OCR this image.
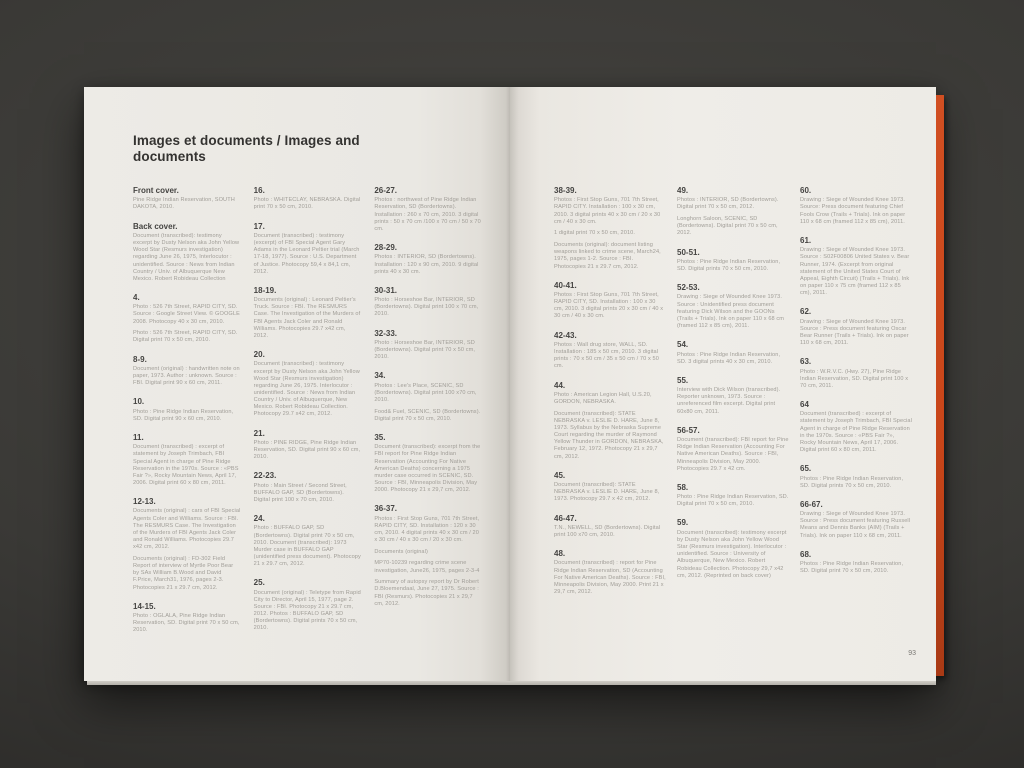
Images et documents / Images and documents
Front cover.

Pine Ridge Indian Reservation, SOUTH DAKOTA, 2010.

Back cover.

Document (transcribed): testimony excerpt by Dusty Nelson aka John Yellow Wood Star (Resmurs investigation) regarding June 26, 1975, Interlocutor : unidentified. Source : News from Indian Country / Univ. of Albuquerque New Mexico. Robert Robideau Collection

4.

Photo : 526 7th Street, RAPID CITY, SD. Source : Google Street View. © GOOGLE 2008. Photocopy 40 x 30 cm, 2010.

Photo : 526 7th Street, RAPID CITY, SD. Digital print 70 x 50 cm, 2010.

8-9.

Document (original) : handwritten note on paper, 1973. Author : unknown. Source : FBI. Digital print 90 x 60 cm, 2011.

10.

Photo : Pine Ridge Indian Reservation, SD. Digital print 90 x 60 cm, 2010.

11.

Document (transcribed) : excerpt of statement by Joseph Trimbach, FBI Special Agent in charge of Pine Ridge Reservation in the 1970s. Source : «PBS Fair ?», Rocky Mountain News, April 17, 2006. Digital print 60 x 80 cm, 2011.

12-13.

Documents (original) : cars of FBI Special Agents Coler and Williams. Source : FBI. The RESMURS Case. The Investigation of the Murders of FBI Agents Jack Coler and Ronald Williams. Photocopies 29.7 x42 cm, 2012.

Documents (original) : FD-302 Field Report of interview of Myrtle Poor Bear by SAs William B.Wood and David F.Price, March31, 1976, pages 2-3. Photocopies 21 x 29.7 cm, 2012.

14-15.

Photo : OGLALA, Pine Ridge Indian Reservation, SD. Digital print 70 x 50 cm, 2010.

16.

Photo : WHITECLAY, NEBRASKA. Digital print 70 x 50 cm, 2010.

17.

Document (transcribed) : testimony (excerpt) of FBI Special Agent Gary Adams in the Leonard Peltier trial (March 17-18, 1977). Source : U.S. Department of Justice. Photocopy 59,4 x 84,1 cm, 2012.

18-19.

Documents (original) : Leonard Peltier's Truck. Source : FBI. The RESMURS Case. The Investigation of the Murders of FBI Agents Jack Coler and Ronald Williams. Photocopies 29.7 x42 cm, 2012.

20.

Document (transcribed) : testimony excerpt by Dusty Nelson aka John Yellow Wood Star (Resmurs investigation) regarding June 26, 1975. Interlocutor : unidentified. Source : News from Indian Country / Univ. of Albuquerque, New Mexico. Robert Robideau Collection. Photocopy 29.7 x42 cm, 2012.

21.

Photo : PINE RIDGE, Pine Ridge Indian Reservation, SD. Digital print 90 x 60 cm, 2010.

22-23.

Photo : Main Street / Second Street, BUFFALO GAP, SD (Bordertowns). Digital print 100 x 70 cm, 2010.

24.

Photo : BUFFALO GAP, SD (Bordertowns). Digital print 70 x 50 cm, 2010. Document (transcribed): 1973 Murder case in BUFFALO GAP (unidentified press document). Photocopy 21 x 29.7 cm, 2012.

25.

Document (original) : Teletype from Rapid City to Director, April 15, 1977, page 2. Source : FBI. Photocopy 21 x 29.7 cm, 2012. Photos : BUFFALO GAP, SD (Bordertowns). Digital prints 70 x 50 cm, 2010.

26-27.

Photos : northwest of Pine Ridge Indian Reservation, SD (Bordertowns). Installation : 260 x 70 cm, 2010. 3 digital prints : 50 x 70 cm /100 x 70 cm / 50 x 70 cm.

28-29.

Photos : INTERIOR, SD (Bordertowns). Installation : 120 x 90 cm, 2010. 9 digital prints 40 x 30 cm.

30-31.

Photo : Horseshoe Bar, INTERIOR, SD (Bordertowns). Digital print 100 x 70 cm, 2010.

32-33.

Photo : Horseshoe Bar, INTERIOR, SD (Bordertowns). Digital print 70 x 50 cm, 2010.

34.

Photos : Lee's Place, SCENIC, SD (Bordertowns). Digital print 100 x70 cm, 2010.

Food& Fuel, SCENIC, SD (Bordertowns). Digital print 70 x 50 cm, 2010.

35.

Document (transcribed): excerpt from the FBI report for Pine Ridge Indian Reservation (Accounting For Native American Deaths) concerning a 1975 murder case occurred in SCENIC, SD. Source : FBI, Minneapolis Division, May 2000. Photocopy 21 x 29,7 cm, 2012.

36-37.

Photos : First Stop Guns, 701 7th Street, RAPID CITY, SD. Installation : 120 x 30 cm, 2010. 4 digital prints 40 x 30 cm / 20 x 30 cm / 40 x 30 cm / 20 x 30 cm.

Documents (original)

MP70-10239 regarding crime scene investigation, June26, 1975, pages 2-3-4

Summary of autopsy report by Dr Robert D.Bloemendaal, June 27, 1975. Source : FBI (Resmurs). Photocopies 21 x 29,7 cm, 2012.

38-39.

Photos : First Stop Guns, 701 7th Street, RAPID CITY. Installation : 100 x 30 cm, 2010. 3 digital prints 40 x 30 cm / 20 x 30 cm / 40 x 30 cm.

1 digital print 70 x 50 cm, 2010.

Documents (original): document listing weapons linked to crime scene, March24, 1975, pages 1-2. Source : FBI. Photocopies 21 x 29.7 cm, 2012.

40-41.

Photos : First Stop Guns, 701 7th Street, RAPID CITY, SD. Installation : 100 x 30 cm, 2010. 3 digital prints 20 x 30 cm / 40 x 30 cm / 40 x 30 cm.

42-43.

Photos : Wall drug store, WALL, SD. Installation : 185 x 50 cm, 2010. 3 digital prints : 70 x 50 cm / 35 x 50 cm / 70 x 50 cm.

44.

Photo : American Legion Hall, U.S.20, GORDON, NEBRASKA.

Document (transcribed): STATE NEBRASKA v. LESLIE D. HARE, June 8, 1973. Syllabus by the Nebraska Supreme Court regarding the murder of Raymond Yellow Thunder in GORDON, NEBRASKA, February 12, 1972. Photocopy 21 x 29,7 cm, 2012.

45.

Document (transcribed): STATE NEBRASKA v. LESLIE D. HARE, June 8, 1973. Photocopy 29.7 x 42 cm, 2012.

46-47.

T.N., NEWELL, SD (Bordertowns). Digital print 100 x70 cm, 2010.

48.

Document (transcribed) : report for Pine Ridge Indian Reservation, SD (Accounting For Native American Deaths). Source : FBI, Minneapolis Division, May 2000. Print 21 x 29,7 cm, 2012.

49.

Photos : INTERIOR, SD (Bordertowns). Digital print 70 x 50 cm, 2012.

Longhorn Saloon, SCENIC, SD (Bordertowns). Digital print 70 x 50 cm, 2012.

50-51.

Photos : Pine Ridge Indian Reservation, SD. Digital prints 70 x 50 cm, 2010.

52-53.

Drawing : Siege of Wounded Knee 1973. Source : Unidentified press document featuring Dick Wilson and the GOONs (Trails + Trials). Ink on paper 110 x 68 cm (framed 112 x 85 cm), 2011.

54.

Photos : Pine Ridge Indian Reservation, SD. 3 digital prints 40 x 30 cm, 2010.

55.

Interview with Dick Wilson (transcribed). Reporter unknown, 1973. Source : unreferenced film excerpt. Digital print 60x80 cm, 2011.

56-57.

Document (transcribed): FBI report for Pine Ridge Indian Reservation (Accounting For Native American Deaths). Source : FBI, Minneapolis Division, May 2000. Photocopies 29.7 x 42 cm.

58.

Photo : Pine Ridge Indian Reservation, SD. Digital print 70 x 50 cm, 2010.

59.

Document (transcribed): testimony excerpt by Dusty Nelson aka John Yellow Wood Star (Resmurs investigation). Interlocutor : unidentified. Source : University of Albuquerque, New Mexico. Robert Robideau Collection. Photocopy 29,7 x42 cm, 2012. (Reprinted on back cover)

60.

Drawing : Siege of Wounded Knee 1973. Source: Press document featuring Chief Fools Crow (Trails + Trials). Ink on paper 110 x 68 cm (framed 112 x 85 cm), 2011.

61.

Drawing : Siege of Wounded Knee 1973. Source : S02F00806 United States v. Bear Runner, 1974. (Excerpt from original statement of the United States Court of Appeal, Eighth Circuit) (Trails + Trials). Ink on paper 110 x 75 cm (framed 112 x 85 cm), 2011.

62.

Drawing : Siege of Wounded Knee 1973. Source : Press document featuring Oscar Bear Runner (Trails + Trials). Ink on paper 110 x 68 cm, 2011.

63.

Photo : W.R.V.C. (Hwy. 27), Pine Ridge Indian Reservation, SD. Digital print 100 x 70 cm, 2011.

64

Document (transcribed) : excerpt of statement by Joseph Trimbach, FBI Special Agent in charge of Pine Ridge Reservation in the 1970s. Source : «PBS Fair ?», Rocky Mountain News, April 17, 2006. Digital print 60 x 80 cm, 2011.

65.

Photos : Pine Ridge Indian Reservation, SD. Digital prints 70 x 50 cm, 2010.

66-67.

Drawing : Siege of Wounded Knee 1973. Source : Press document featuring Russell Means and Dennis Banks (AIM) (Trails + Trials). Ink on paper 110 x 68 cm, 2011.

68.

Photos : Pine Ridge Indian Reservation, SD. Digital print 70 x 50 cm, 2010.

93
